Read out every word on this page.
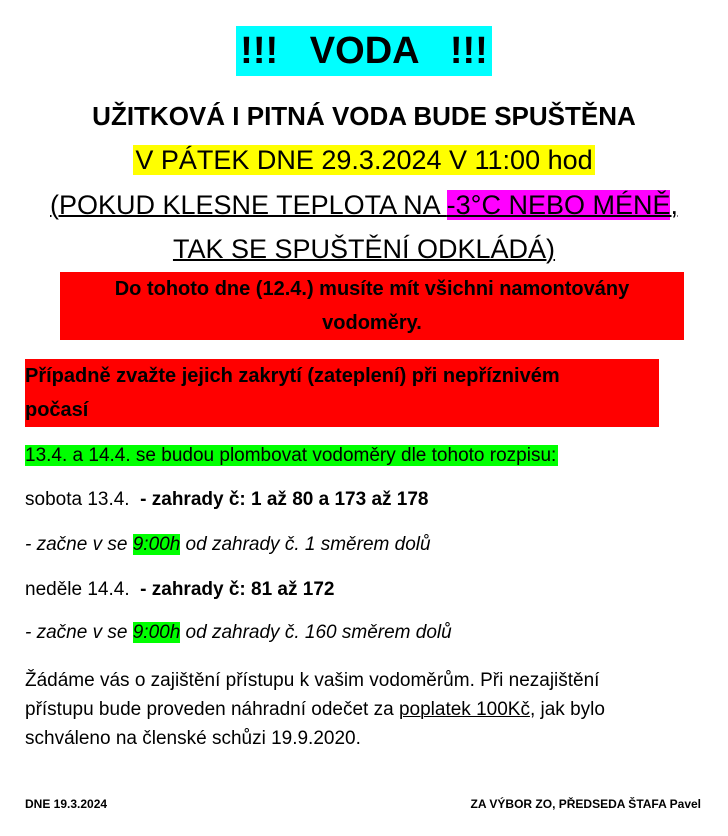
!!!   VODA   !!!
UŽITKOVÁ I PITNÁ VODA BUDE SPUŠTĚNA
V PÁTEK DNE 29.3.2024 V 11:00 hod
(POKUD KLESNE TEPLOTA NA -3°C NEBO MÉNĚ,
TAK SE SPUŠTĚNÍ ODKLÁDÁ)
Do tohoto dne (12.4.) musíte mít všichni namontovány
vodoměry.
Případně zvažte jejich zakrytí (zateplení) při nepříznivém
počasí
13.4. a 14.4. se budou plombovat vodoměry dle tohoto rozpisu:
sobota 13.4.  - zahrady č: 1 až 80 a 173 až 178
- začne v se 9:00h od zahrady č. 1 směrem dolů
neděle 14.4.  - zahrady č: 81 až 172
- začne v se 9:00h od zahrady č. 160 směrem dolů
Žádáme vás o zajištění přístupu k vašim vodoměrům. Při nezajištění
přístupu bude proveden náhradní odečet za poplatek 100Kč, jak bylo
schváleno na členské schůzi 19.9.2020.
DNE 19.3.2024	ZA VÝBOR ZO, PŘEDSEDA ŠTAFA Pavel
